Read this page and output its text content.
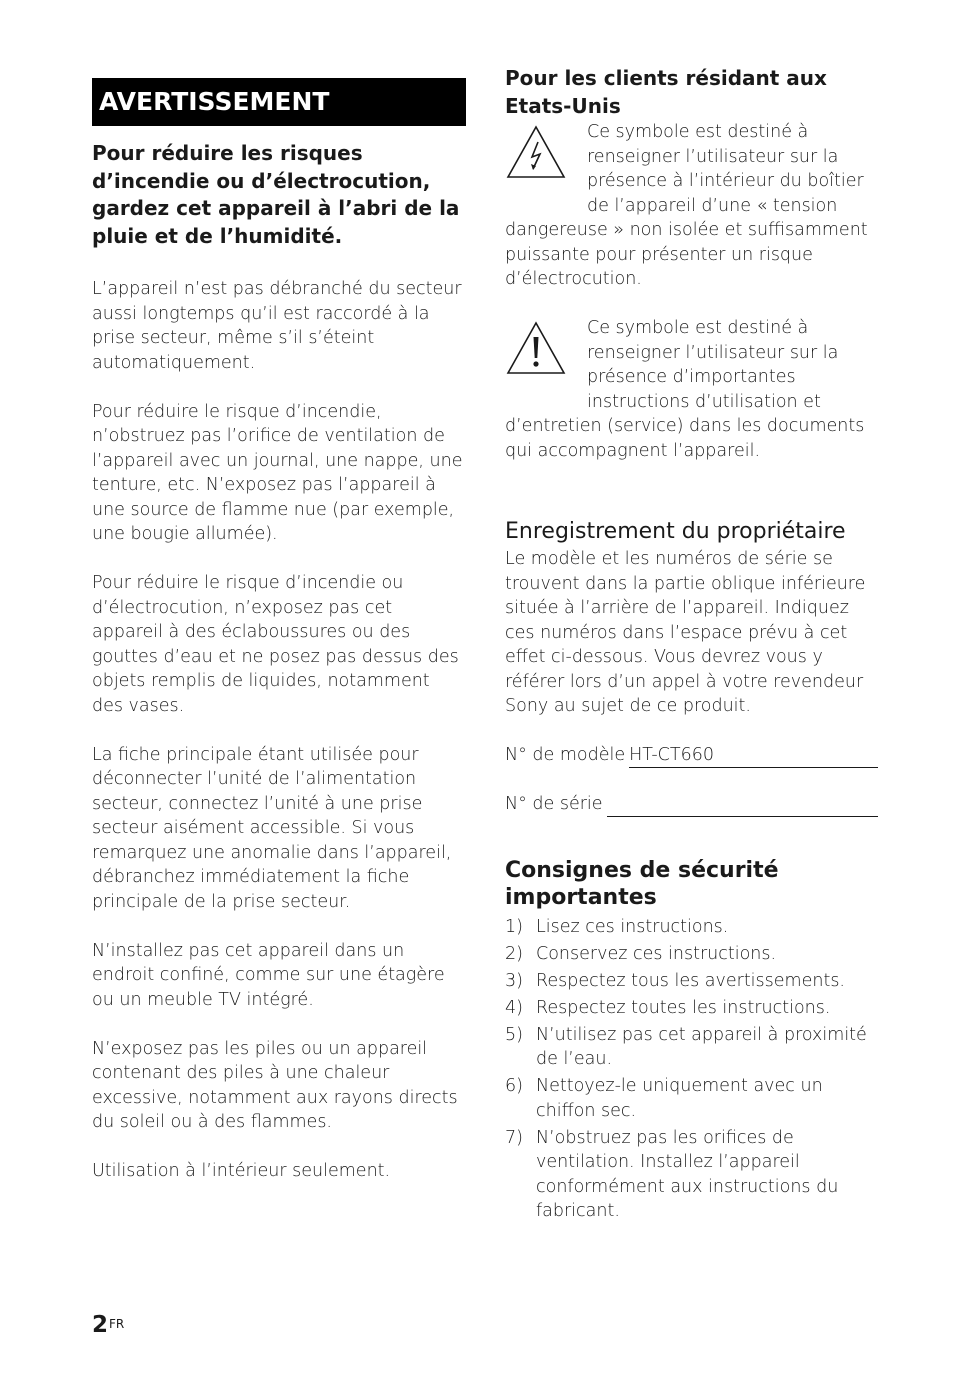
AVERTISSEMENT

Pour réduire les risques d’incendie ou d’électrocution, gardez cet appareil à l’abri de la pluie et de l’humidité.

L’appareil n’est pas débranché du secteur aussi longtemps qu’il est raccordé à la prise secteur, même s’il s’éteint automatiquement.

Pour réduire le risque d’incendie, n’obstruez pas l’orifice de ventilation de l’appareil avec un journal, une nappe, une tenture, etc. N’exposez pas l’appareil à une source de flamme nue (par exemple, une bougie allumée).

Pour réduire le risque d’incendie ou d’électrocution, n’exposez pas cet appareil à des éclaboussures ou des gouttes d’eau et ne posez pas dessus des objets remplis de liquides, notamment des vases.

La fiche principale étant utilisée pour déconnecter l’unité de l’alimentation secteur, connectez l’unité à une prise secteur aisément accessible. Si vous remarquez une anomalie dans l’appareil, débranchez immédiatement la fiche principale de la prise secteur.

N’installez pas cet appareil dans un endroit confiné, comme sur une étagère ou un meuble TV intégré.

N’exposez pas les piles ou un appareil contenant des piles à une chaleur excessive, notamment aux rayons directs du soleil ou à des flammes.

Utilisation à l’intérieur seulement.

Pour les clients résidant aux Etats-Unis

Ce symbole est destiné à

renseigner l’utilisateur sur la

présence à l’intérieur du boîtier

de l’appareil d’une « tension

dangereuse » non isolée et suffisamment puissante pour présenter un risque d’électrocution.

Ce symbole est destiné à

renseigner l’utilisateur sur la

présence d’importantes

instructions d’utilisation et

d’entretien (service) dans les documents qui accompagnent l’appareil.

Enregistrement du propriétaire

Le modèle et les numéros de série se trouvent dans la partie oblique inférieure située à l’arrière de l’appareil. Indiquez ces numéros dans l’espace prévu à cet effet ci-dessous. Vous devrez vous y référer lors d’un appel à votre revendeur Sony au sujet de ce produit.

N° de modèle HT-CT660
N° de série
Consignes de sécurité importantes
1) Lisez ces instructions.
2) Conservez ces instructions.
3) Respectez tous les avertissements.
4) Respectez toutes les instructions.
5) N’utilisez pas cet appareil à proximité de l’eau.
6) Nettoyez-le uniquement avec un chiffon sec.
7) N’obstruez pas les orifices de ventilation. Installez l’appareil conformément aux instructions du fabricant.
$2^{FR}$
